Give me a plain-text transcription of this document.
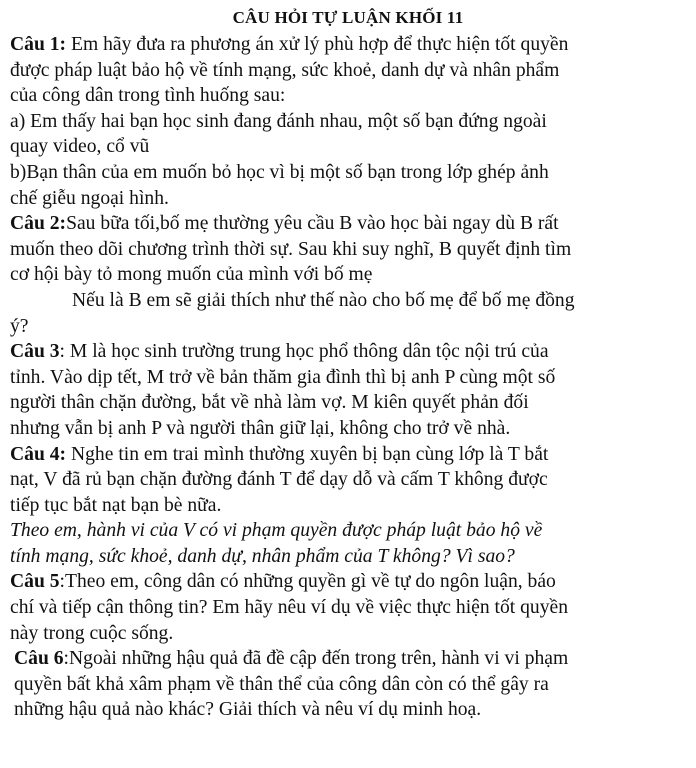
CÂU HỎI TỰ LUẬN KHỐI 11

Câu 1: Em hãy đưa ra phương án xử lý phù hợp để thực hiện tốt quyền

được pháp luật bảo hộ về tính mạng, sức khoẻ, danh dự và nhân phẩm

của công dân trong tình huống sau:

a) Em thấy hai bạn học sinh đang đánh nhau, một số bạn đứng ngoài

quay video, cổ vũ

b)Bạn thân của em muốn bỏ học vì bị một số bạn trong lớp ghép ảnh

chế giễu ngoại hình.

Câu 2:Sau bữa tối,bố mẹ thường yêu cầu B vào học bài ngay dù B rất

muốn theo dõi chương trình thời sự. Sau khi suy nghĩ, B quyết định tìm

cơ hội bày tỏ mong muốn của mình với bố mẹ

Nếu là B em sẽ giải thích như thế nào cho bố mẹ để bố mẹ đồng

ý?

Câu 3: M là học sinh trường trung học phổ thông dân tộc nội trú của

tỉnh. Vào dịp tết, M trở về bản thăm gia đình thì bị anh P cùng một số

người thân chặn đường, bắt về nhà làm vợ. M kiên quyết phản đối

nhưng vẫn bị anh P và người thân giữ lại, không cho trở về nhà.

Câu 4: Nghe tin em trai mình thường xuyên bị bạn cùng lớp là T bắt

nạt, V đã rủ bạn chặn đường đánh T để dạy dỗ và cấm T không được

tiếp tục bắt nạt bạn bè nữa.

Theo em, hành vi của V có vi phạm quyền được pháp luật bảo hộ về

tính mạng, sức khoẻ, danh dự, nhân phẩm của T không? Vì sao?

Câu 5:Theo em, công dân có những quyền gì về tự do ngôn luận, báo

chí và tiếp cận thông tin? Em hãy nêu ví dụ về việc thực hiện tốt quyền

này trong cuộc sống.

Câu 6:Ngoài những hậu quả đã đề cập đến trong trên, hành vi vi phạm

quyền bất khả xâm phạm về thân thể của công dân còn có thể gây ra

những hậu quả nào khác? Giải thích và nêu ví dụ minh hoạ.
